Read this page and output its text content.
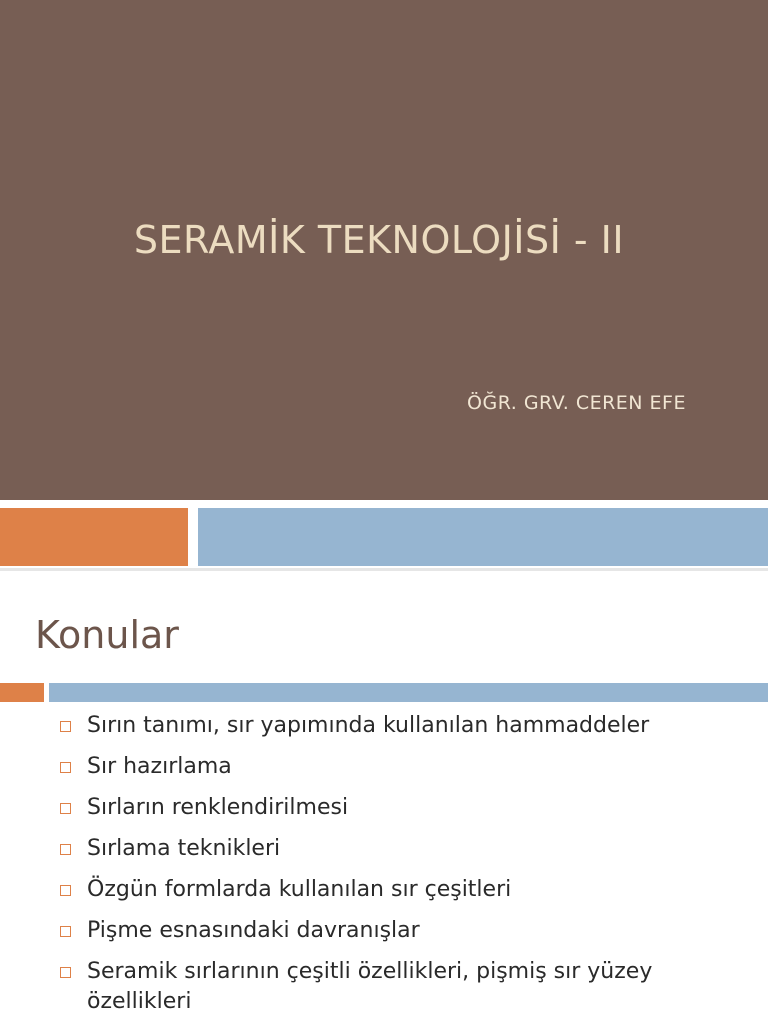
SERAMİK TEKNOLOJİSİ - II
ÖĞR. GRV. CEREN EFE
Konular
Sırın tanımı, sır yapımında kullanılan hammaddeler
Sır hazırlama
Sırların renklendirilmesi
Sırlama teknikleri
Özgün formlarda kullanılan sır çeşitleri
Pişme esnasındaki davranışlar
Seramik sırlarının çeşitli özellikleri, pişmiş sır yüzey özellikleri
